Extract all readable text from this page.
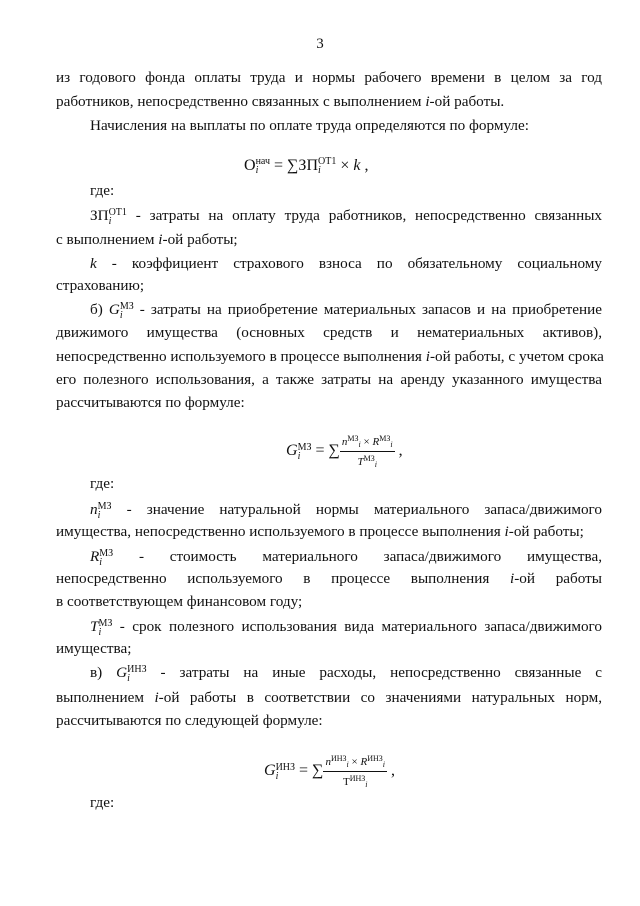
3
из годового фонда оплаты труда и нормы рабочего времени в целом за год
работников, непосредственно связанных с выполнением i-ой работы.
Начисления на выплаты по оплате труда определяются по формуле:
О нач
i = ∑ЗП ОТ1
i	× k ,
где:
ЗП ОТ1
i	- затраты на оплату труда работников, непосредственно связанных
с выполнением i-ой работы;
k - коэффициент страхового взноса по обязательному социальному
страхованию;
б) G МЗ
i - затраты на приобретение материальных запасов и на приобретение
движимого имущества (основных средств и нематериальных активов),
непосредственно используемого в процессе выполнения i-ой работы, с учетом срока
его полезного использования, а также затраты на аренду указанного имущества
рассчитываются по формуле:
G МЗ
i = ∑ $\frac{n^{МЗ}i \times R^{МЗ}i}{T^{МЗ}i}$ ,
где:
n МЗ
i - значение натуральной нормы материального запаса/движимого
имущества, непосредственно используемого в процессе выполнения i-ой работы;
R МЗ
i - стоимость материального запаса/движимого имущества,
непосредственно используемого в процессе выполнения i-ой работы
в соответствующем финансовом году;
T МЗ
i - срок полезного использования вида материального запаса/движимого
имущества;
в) G ИНЗ
i	- затраты на иные расходы, непосредственно связанные с
выполнением i-ой работы в соответствии со значениями натуральных норм,
рассчитываются по следующей формуле:
G ИНЗ
i	= ∑ $\frac{n^{ИНЗ}i \times R^{ИНЗ}i}{Т^{ИНЗ}i}$ ,
где:
